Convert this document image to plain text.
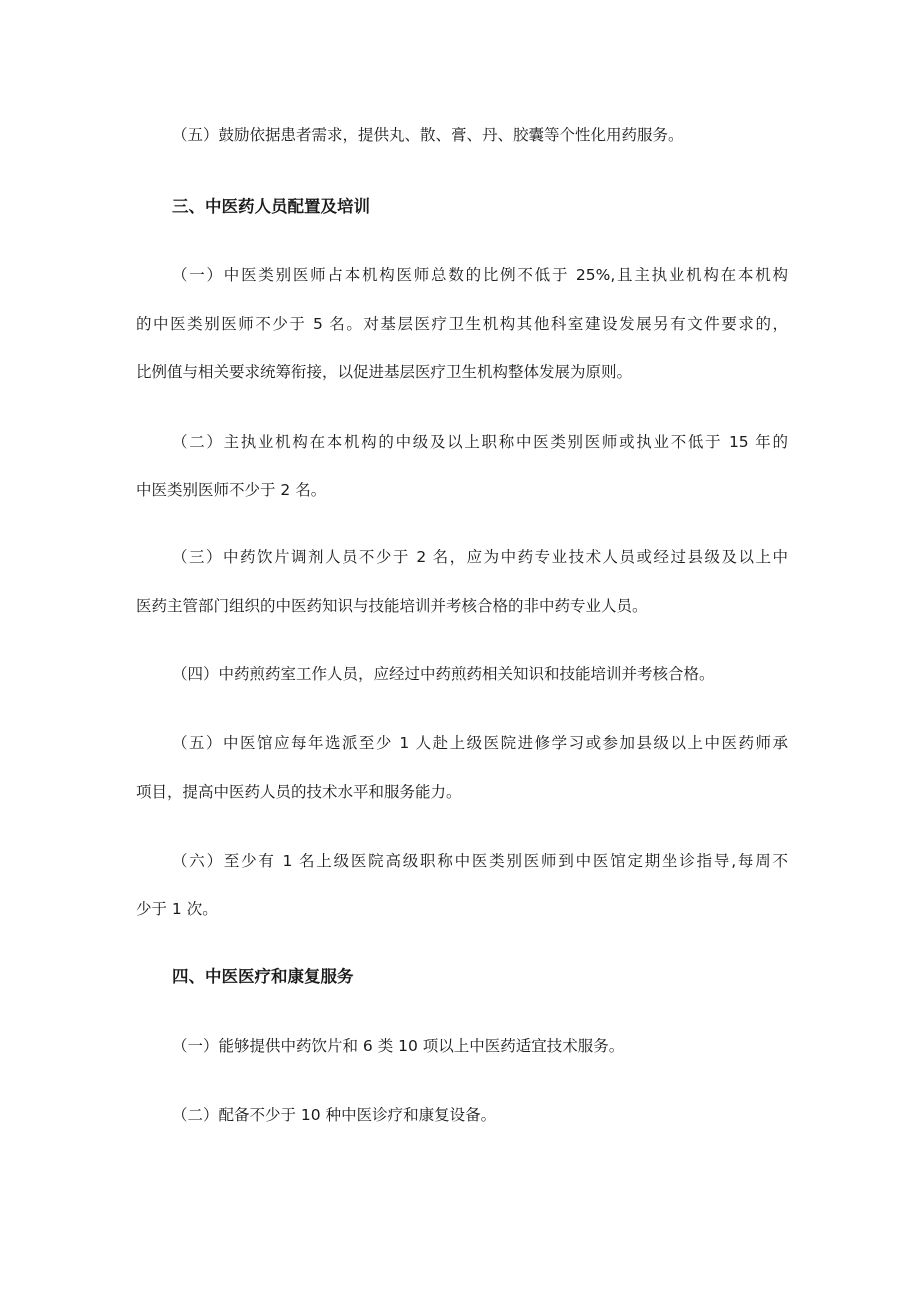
（五）鼓励依据患者需求，提供丸、散、膏、丹、胶囊等个性化用药服务。
三、中医药人员配置及培训
（一）中医类别医师占本机构医师总数的比例不低于 25%,且主执业机构在本机构
的中医类别医师不少于 5 名。对基层医疗卫生机构其他科室建设发展另有文件要求的，
比例值与相关要求统筹衔接，以促进基层医疗卫生机构整体发展为原则。
（二）主执业机构在本机构的中级及以上职称中医类别医师或执业不低于 15 年的
中医类别医师不少于 2 名。
（三）中药饮片调剂人员不少于 2 名，应为中药专业技术人员或经过县级及以上中
医药主管部门组织的中医药知识与技能培训并考核合格的非中药专业人员。
（四）中药煎药室工作人员，应经过中药煎药相关知识和技能培训并考核合格。
（五）中医馆应每年选派至少 1 人赴上级医院进修学习或参加县级以上中医药师承
项目，提高中医药人员的技术水平和服务能力。
（六）至少有 1 名上级医院高级职称中医类别医师到中医馆定期坐诊指导,每周不
少于 1 次。
四、中医医疗和康复服务
（一）能够提供中药饮片和 6 类 10 项以上中医药适宜技术服务。
（二）配备不少于 10 种中医诊疗和康复设备。
